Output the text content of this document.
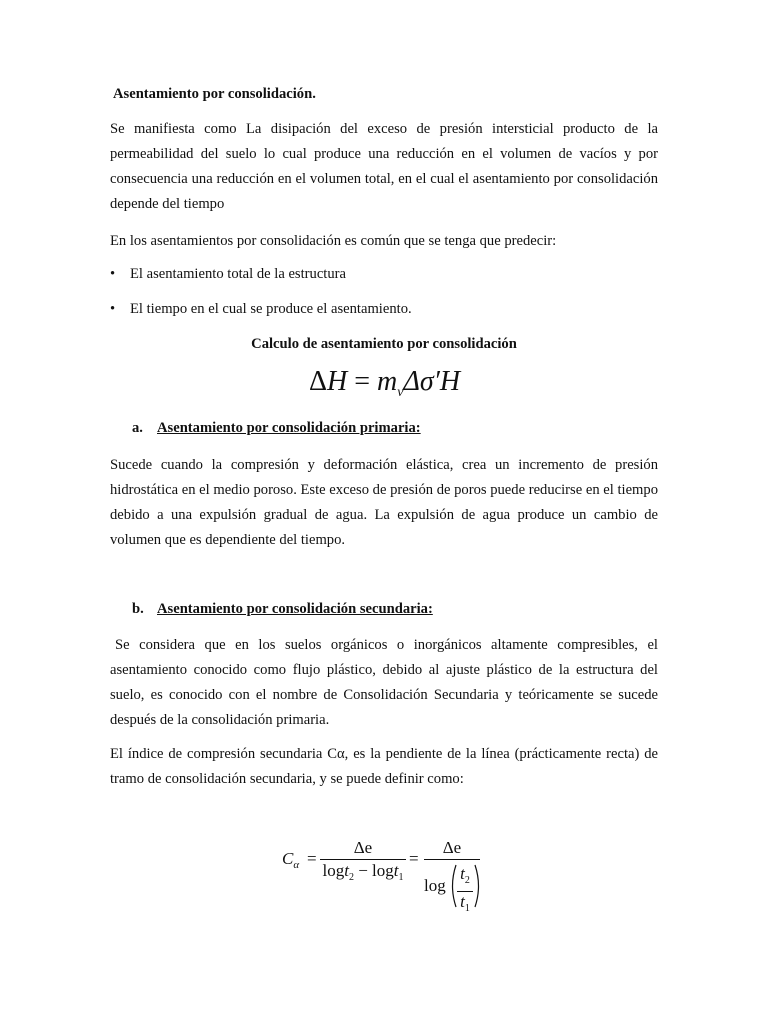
Asentamiento por consolidación.
Se manifiesta como La disipación del exceso de presión intersticial producto de la permeabilidad del suelo lo cual produce una reducción en el volumen de vacíos y por consecuencia una reducción en el volumen total, en el cual el asentamiento por consolidación depende del tiempo
En los asentamientos por consolidación es común que se tenga que predecir:
• El asentamiento total de la estructura
• El tiempo en el cual se produce el asentamiento.
Calculo de asentamiento por consolidación
$\Delta H = m_v\Delta\sigma'H$
a. Asentamiento por consolidación primaria:
Sucede cuando la compresión y deformación elástica, crea un incremento de presión hidrostática en el medio poroso. Este exceso de presión de poros puede reducirse en el tiempo debido a una expulsión gradual de agua. La expulsión de agua produce un cambio de volumen que es dependiente del tiempo.
b. Asentamiento por consolidación secundaria:
Se considera que en los suelos orgánicos o inorgánicos altamente compresibles, el asentamiento conocido como flujo plástico, debido al ajuste plástico de la estructura del suelo, es conocido con el nombre de Consolidación Secundaria y teóricamente se sucede después de la consolidación primaria.
El índice de compresión secundaria Cα, es la pendiente de la línea (prácticamente recta) de tramo de consolidación secundaria, y se puede definir como:
$C_\alpha$ =
Δe
logt$_2$ − logt$_1$
=
Δe
log
$t_2$
$t_1$
